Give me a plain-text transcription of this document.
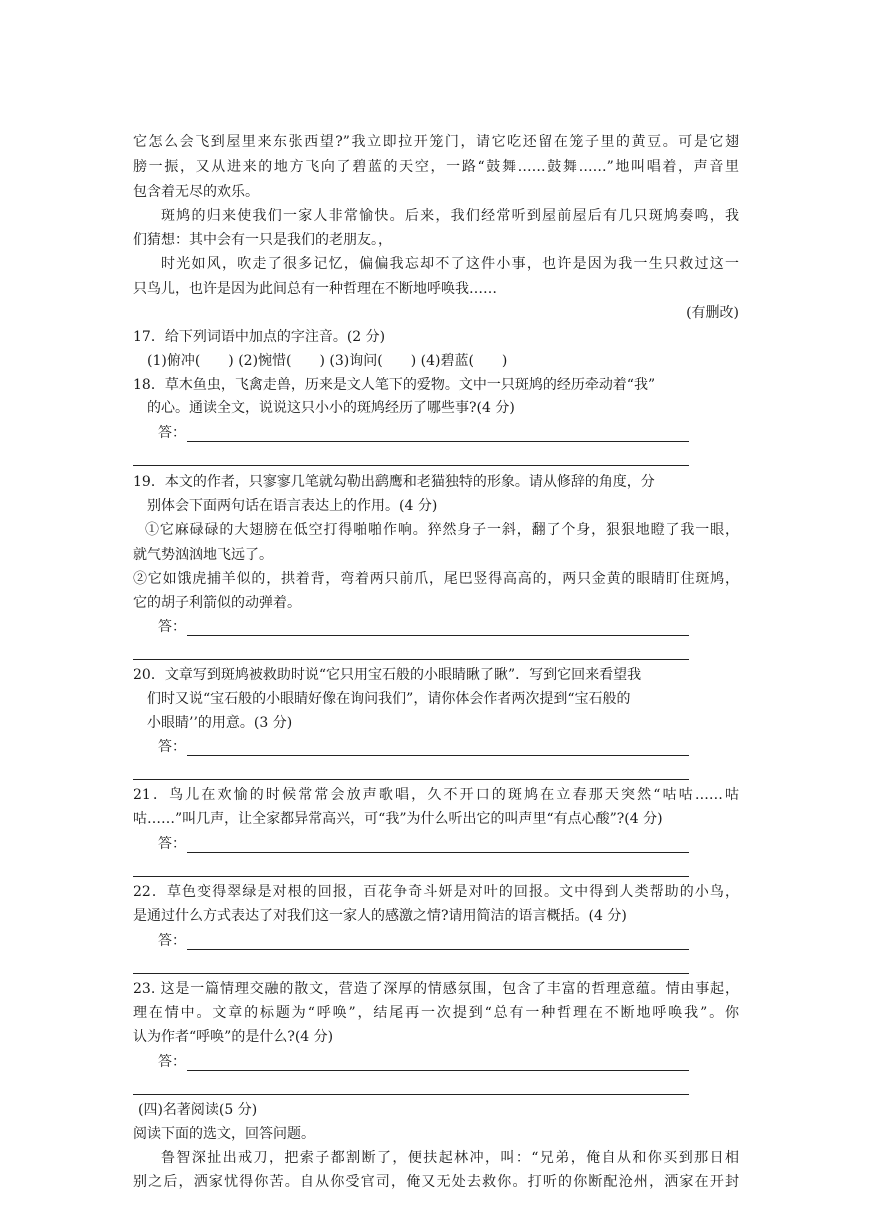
它怎么会飞到屋里来东张西望?”我立即拉开笼门，请它吃还留在笼子里的黄豆。可是它翅
膀一振，又从进来的地方飞向了碧蓝的天空，一路“鼓舞……鼓舞……”地叫唱着，声音里
包含着无尽的欢乐。
斑鸠的归来使我们一家人非常愉快。后来，我们经常听到屋前屋后有几只斑鸠奏鸣，我
们猜想：其中会有一只是我们的老朋友。，
时光如风，吹走了很多记忆，偏偏我忘却不了这件小事，也许是因为我一生只救过这一
只鸟儿，也许是因为此间总有一种哲理在不断地呼唤我……
(有删改)
17．给下列词语中加点的字注音。(2 分)
(1)俯冲(　　) (2)惋惜(　　) (3)询问(　　) (4)碧蓝(　　)
18．草木鱼虫，飞禽走兽，历来是文人笔下的爱物。文中一只斑鸠的经历牵动着“我”
的心。通读全文，说说这只小小的斑鸠经历了哪些事?(4 分)
答：
19．本文的作者，只寥寥几笔就勾勒出鹞鹰和老猫独特的形象。请从修辞的角度，分
别体会下面两句话在语言表达上的作用。(4 分)
①它麻碌碌的大翅膀在低空打得啪啪作响。猝然身子一斜，翻了个身，狠狠地瞪了我一眼，
就气势汹汹地飞远了。
②它如饿虎捕羊似的，拱着背，弯着两只前爪，尾巴竖得高高的，两只金黄的眼睛盯住斑鸠，
它的胡子利箭似的动弹着。
答：
20．文章写到斑鸠被救助时说“它只用宝石般的小眼睛瞅了瞅”．写到它回来看望我
们时又说“宝石般的小眼睛好像在询问我们”，请你体会作者两次提到“宝石般的
小眼睛’’的用意。(3 分)
答：
21．鸟儿在欢愉的时候常常会放声歌唱，久不开口的斑鸠在立春那天突然“咕咕……咕
咕……”叫几声，让全家都异常高兴，可“我”为什么听出它的叫声里“有点心酸”?(4 分)
答：
22．草色变得翠绿是对根的回报，百花争奇斗妍是对叶的回报。文中得到人类帮助的小鸟，
是通过什么方式表达了对我们这一家人的感激之情?请用简洁的语言概括。(4 分)
答：
23. 这是一篇情理交融的散文，营造了深厚的情感氛围，包含了丰富的哲理意蕴。情由事起，
理在情中。文章的标题为“呼唤”，结尾再一次提到“总有一种哲理在不断地呼唤我”。你
认为作者“呼唤”的是什么?(4 分)
答：
(四)名著阅读(5 分)
阅读下面的选文，回答问题。
鲁智深扯出戒刀，把索子都割断了，便扶起林冲，叫：“兄弟，俺自从和你买到那日相
别之后，洒家忧得你苦。自从你受官司，俺又无处去救你。打听的你断配沧州，洒家在开封
